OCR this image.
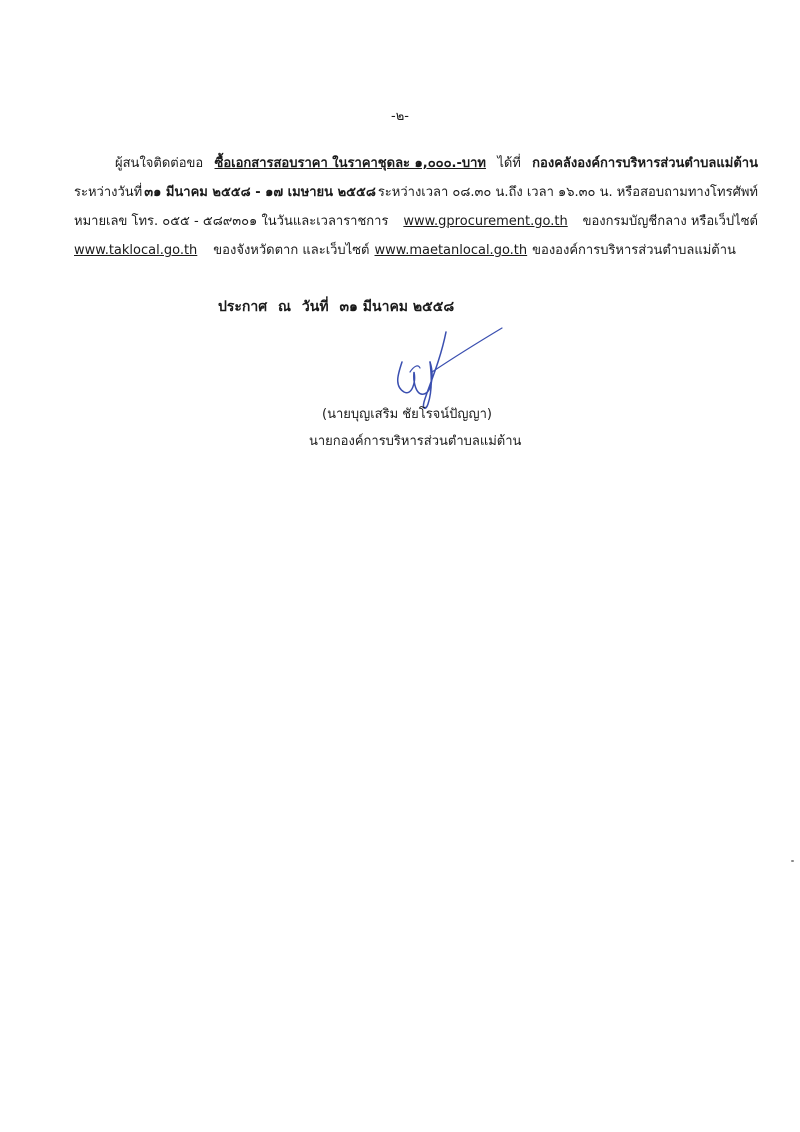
-๒-
ผู้สนใจติดต่อขอ ซื้อเอกสารสอบราคา ในราคาชุดละ ๑,๐๐๐.-บาท ได้ที่ กองคลังองค์การบริหารส่วนตำบลแม่ต้าน
ระหว่างวันที่ ๓๑ มีนาคม ๒๕๕๘ - ๑๗ เมษายน ๒๕๕๘ ระหว่างเวลา ๐๘.๓๐ น.ถึง เวลา ๑๖.๓๐ น. หรือสอบถามทางโทรศัพท์
หมายเลข โทร. ๐๕๕ - ๕๘๙๓๐๑ ในวันและเวลาราชการ www.gprocurement.go.th ของกรมบัญชีกลาง หรือเว็ปไซต์
www.taklocal.go.th ของจังหวัดตาก และเว็บไซต์ www.maetanlocal.go.th ขององค์การบริหารส่วนตำบลแม่ต้าน
ประกาศ ณ วันที่ ๓๑ มีนาคม ๒๕๕๘
(นายบุญเสริม ชัยโรจน์ปัญญา)
นายกองค์การบริหารส่วนตำบลแม่ต้าน
